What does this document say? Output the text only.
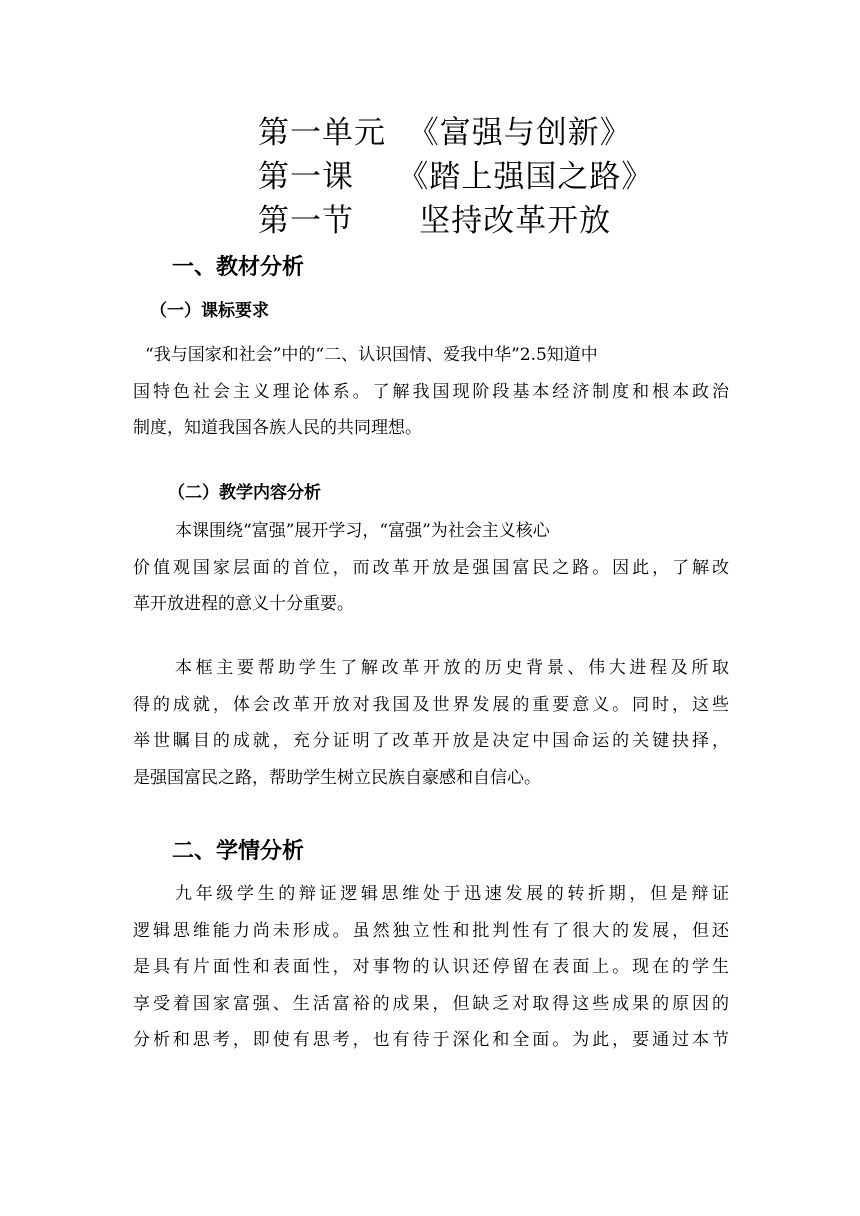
第一单元  《富强与创新》
第一课    《踏上强国之路》
第一节      坚持改革开放
一、教材分析
（一）课标要求
“我与国家和社会”中的“二、认识国情、爱我中华”2.5知道中
国特色社会主义理论体系。了解我国现阶段基本经济制度和根本政治
制度，知道我国各族人民的共同理想。
（二）教学内容分析
本课围绕“富强”展开学习，“富强”为社会主义核心
价值观国家层面的首位，而改革开放是强国富民之路。因此，了解改
革开放进程的意义十分重要。
本框主要帮助学生了解改革开放的历史背景、伟大进程及所取
得的成就，体会改革开放对我国及世界发展的重要意义。同时，这些
举世瞩目的成就，充分证明了改革开放是决定中国命运的关键抉择，
是强国富民之路，帮助学生树立民族自豪感和自信心。
二、学情分析
九年级学生的辩证逻辑思维处于迅速发展的转折期，但是辩证
逻辑思维能力尚未形成。虽然独立性和批判性有了很大的发展，但还
是具有片面性和表面性，对事物的认识还停留在表面上。现在的学生
享受着国家富强、生活富裕的成果，但缺乏对取得这些成果的原因的
分析和思考，即使有思考，也有待于深化和全面。为此，要通过本节
